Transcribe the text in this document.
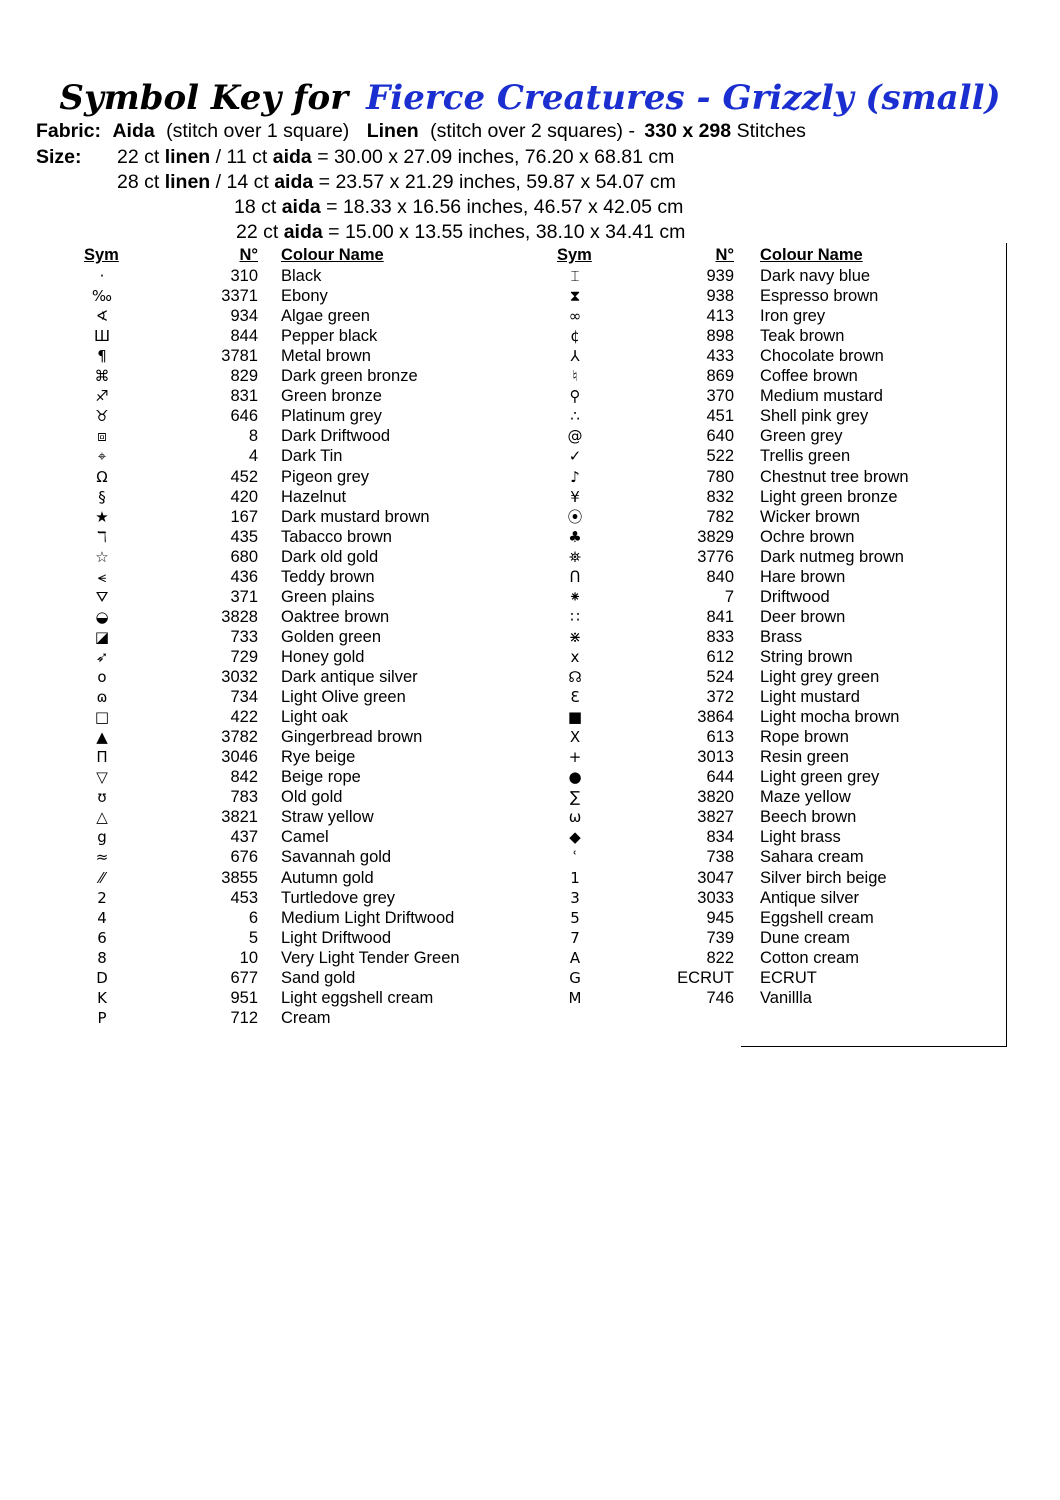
Symbol Key for Fierce Creatures - Grizzly (small)
Fabric: Aida (stitch over 1 square) Linen (stitch over 2 squares) - 330 x 298 Stitches
Size: 22 ct linen / 11 ct aida = 30.00 x 27.09 inches, 76.20 x 68.81 cm
28 ct linen / 14 ct aida = 23.57 x 21.29 inches, 59.87 x 54.07 cm
18 ct aida = 18.33 x 16.56 inches, 46.57 x 42.05 cm
22 ct aida = 15.00 x 13.55 inches, 38.10 x 34.41 cm
Sym	N° Colour Name	Sym	N° Colour Name
·	310 Black
‰	3371 Ebony
∢	934 Algae green
Ш	844 Pepper black
¶	3781 Metal brown
⌘	829 Dark green bronze
♐	831 Green bronze
♉	646 Platinum grey
⧈	8 Dark Driftwood
⌖	4 Dark Tin
Ω	452 Pigeon grey
§	420 Hazelnut
★	167 Dark mustard brown
ℸ	435 Tabacco brown
☆	680 Dark old gold
⪪	436 Teddy brown
⛛	371 Green plains
◒	3828 Oaktree brown
◪	733 Golden green
➶	729 Honey gold
o	3032 Dark antique silver
ɷ	734 Light Olive green
□	422 Light oak
▲	3782 Gingerbread brown
Π	3046 Rye beige
▽	842 Beige rope
ʊ	783 Old gold
△	3821 Straw yellow
g	437 Camel
≈	676 Savannah gold
⁄⁄	3855 Autumn gold
2	453 Turtledove grey
4	6 Medium Light Driftwood
6	5 Light Driftwood
8	10 Very Light Tender Green
D	677 Sand gold
K	951 Light eggshell cream
P	712 Cream
⌶	939 Dark navy blue
⧗	938 Espresso brown
∞	413 Iron grey
¢	898 Teak brown
⅄	433 Chocolate brown
♮	869 Coffee brown
⚲	370 Medium mustard
∴	451 Shell pink grey
@	640 Green grey
✓	522 Trellis green
♪	780 Chestnut tree brown
¥	832 Light green bronze
⦿	782 Wicker brown
♣	3829 Ochre brown
⛯	3776 Dark nutmeg brown
ᑎ	840 Hare brown
⁕	7 Driftwood
∷	841 Deer brown
⋇	833 Brass
x	612 String brown
☊	524 Light grey green
Ɛ	372 Light mustard
■	3864 Light mocha brown
Ⅹ	613 Rope brown
+	3013 Resin green
●	644 Light green grey
∑	3820 Maze yellow
ω	3827 Beech brown
◆	834 Light brass
ʿ	738 Sahara cream
1	3047 Silver birch beige
3	3033 Antique silver
5	945 Eggshell cream
7	739 Dune cream
A	822 Cotton cream
G	ECRUT ECRUT
M	746 Vanillla
